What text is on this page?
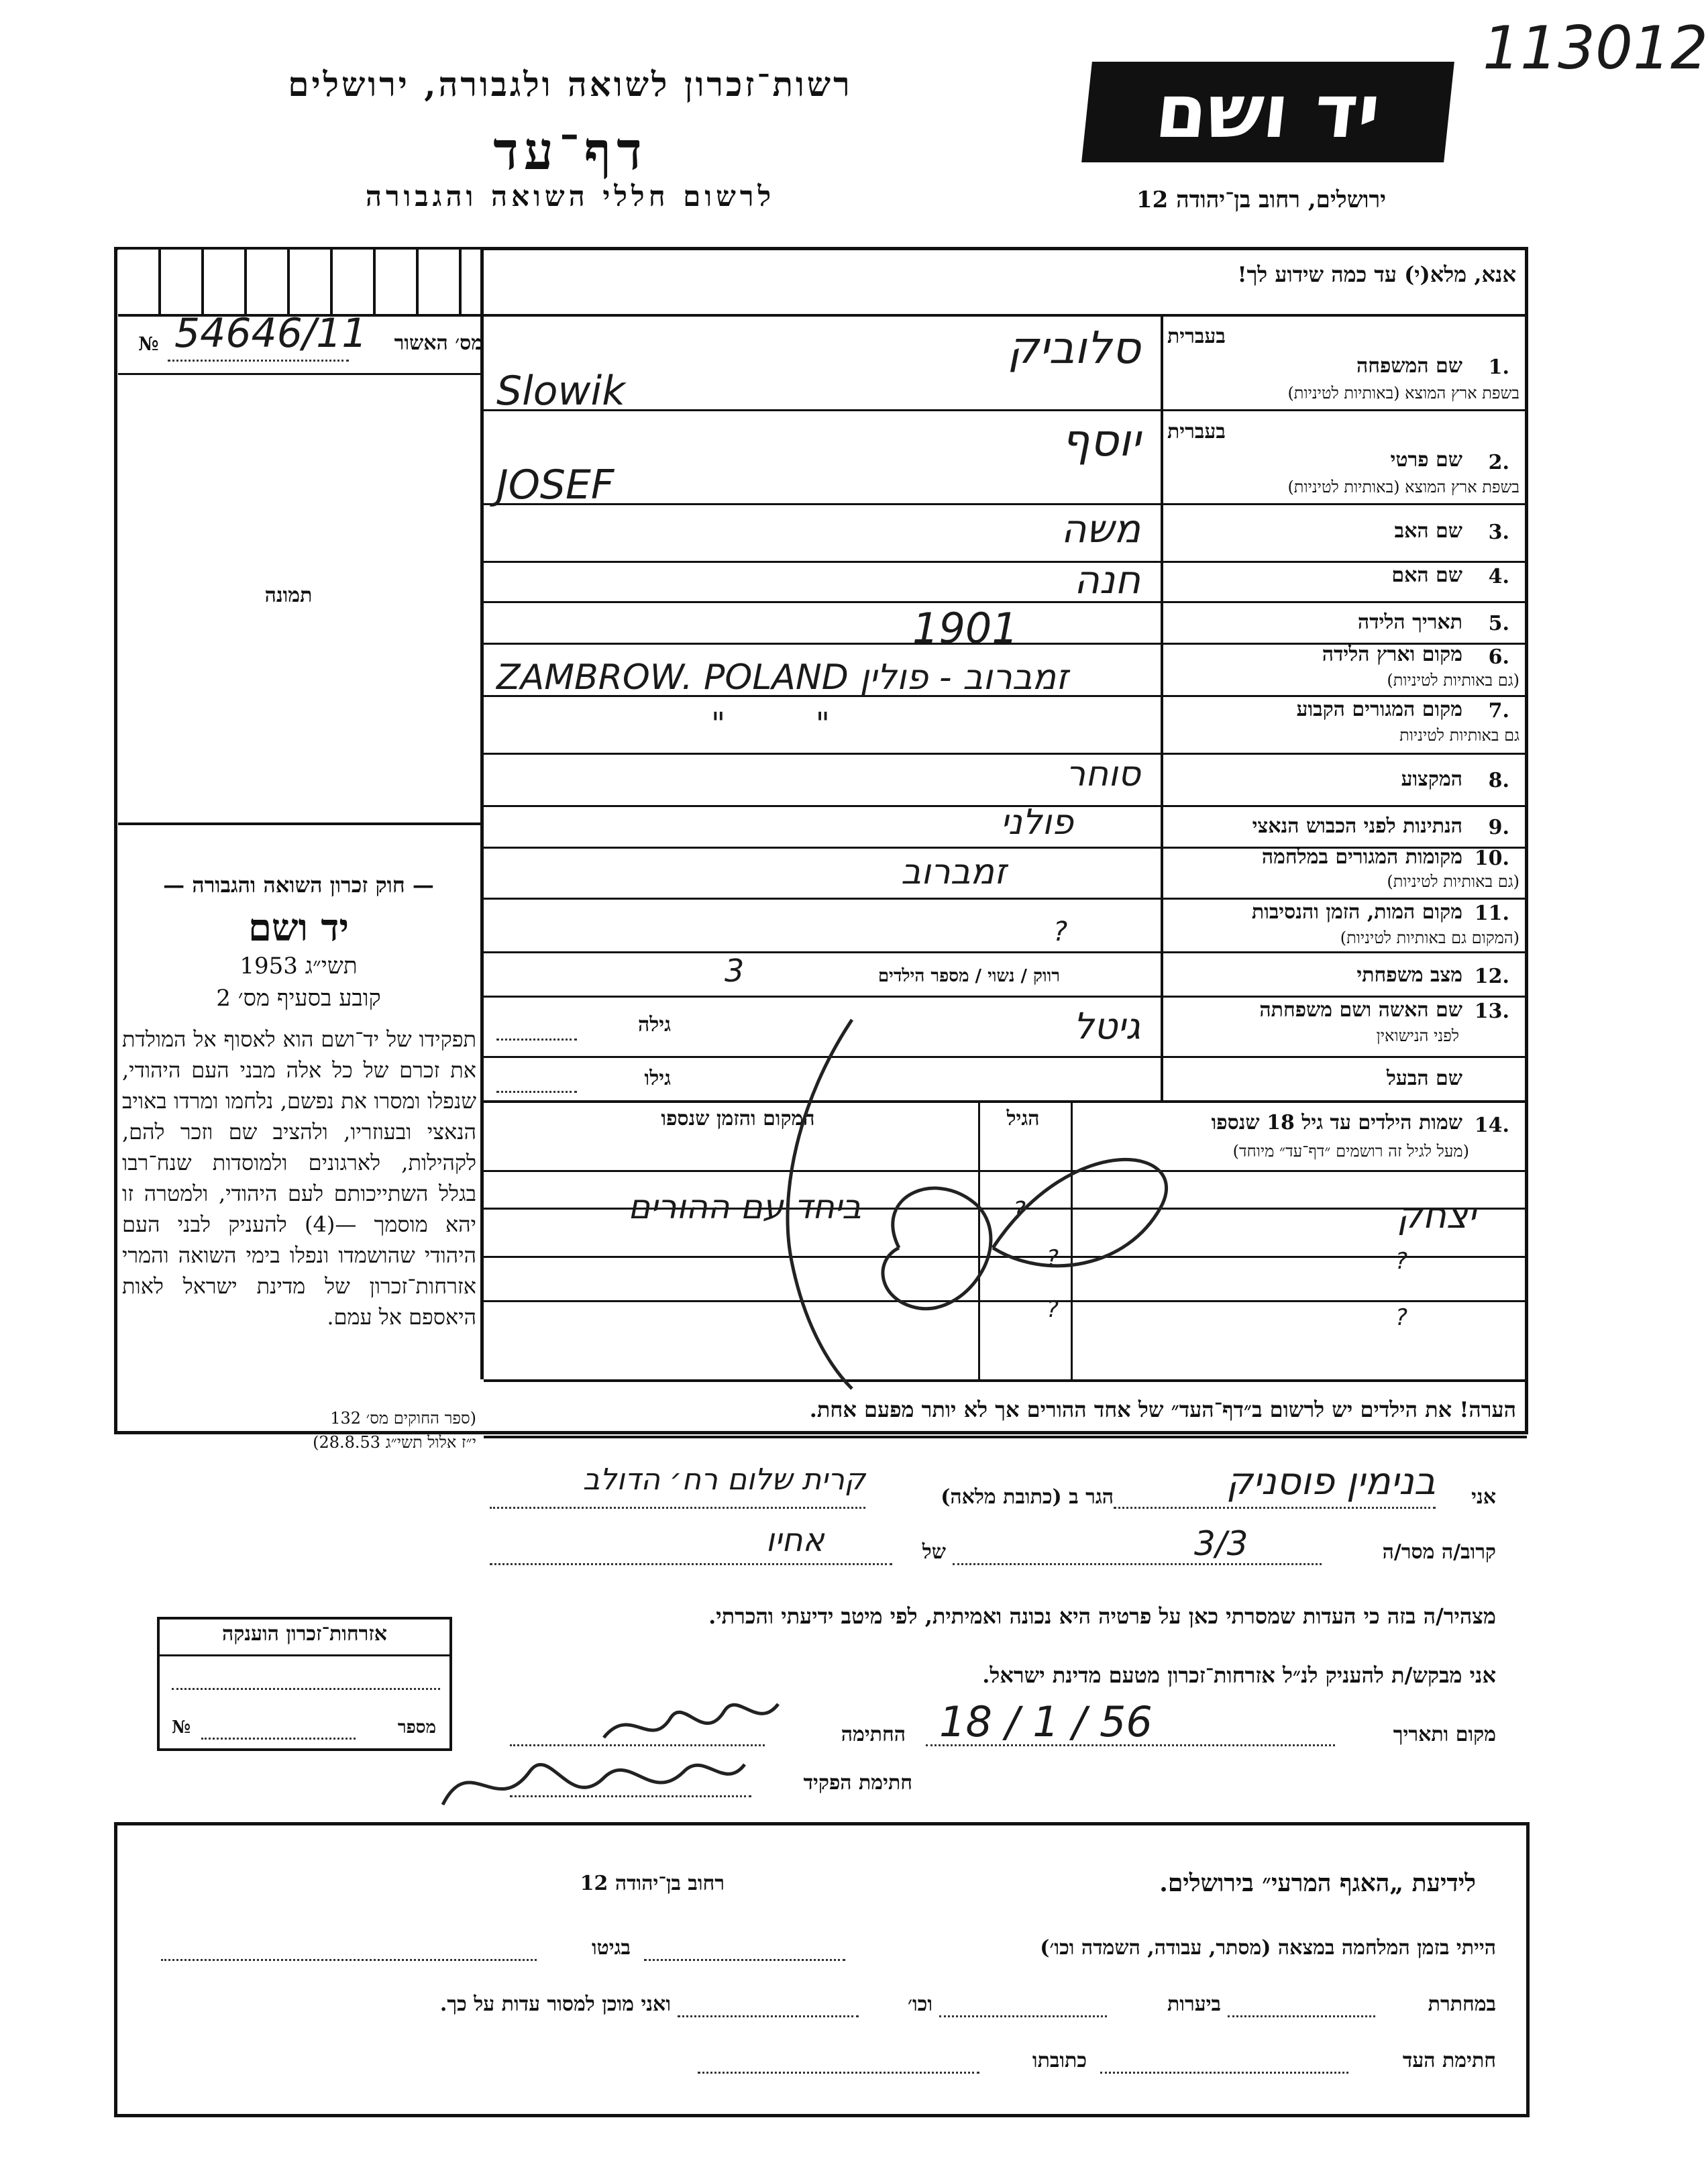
113012
רשות־זכרון לשואה ולגבורה, ירושלים
דף־עד
לרשום חללי השואה והגבורה
יד ושם
ירושלים, רחוב בן־יהודה 12
אנא, מלא(י) עד כמה שידוע לך!
מס׳ האשור
54646/11
№
תמונה
— חוק זכרון השואה והגבורה —
יד ושם
תשי״ג 1953
קובע בסעיף מס׳ 2
תפקידו של יד־ושם הוא לאסוף אל המולדת את זכרם של כל אלה מבני העם היהודי, שנפלו ומסרו את נפשם, נלחמו ומרדו באויב הנאצי ובעוזריו, ולהציב שם וזכר להם, לקהילות, לארגונים ולמוסדות שנח־רבו בגלל השתייכותם לעם היהודי, ולמטרה זו יהא מוסמך —(4) להעניק לבני העם היהודי שהושמדו ונפלו בימי השואה והמרי אזרחות־זכרון של מדינת ישראל לאות היאספם אל עמם.
(ספר החוקים מס׳ 132
י״ז אלול תשי״ג 28.8.53)
1.
שם המשפחה
בעברית
בשפת ארץ המוצא (באותיות לטיניות)
סלוביק
Slowik
2.
שם פרטי
בעברית
בשפת ארץ המוצא (באותיות לטיניות)
יוסף
JOSEF
3.
שם האב
משה
4.
שם האם
חנה
5.
תאריך הלידה
1901
6.
מקום וארץ הלידה
(גם באותיות לטיניות)
ZAMBROW. POLAND זמברוב - פולין
7.
מקום המגורים הקבוע
גם באותיות לטיניות
" "
8.
המקצוע
סוחר
9.
הנתינות לפני הכבוש הנאצי
פולני
10.
מקומות המגורים במלחמה
(גם באותיות לטיניות)
זמברוב
11.
מקום המות, הזמן והנסיבות
(המקום גם באותיות לטיניות)
?
12.
מצב משפחתי
רווק / נשוי / מספר הילדים
3
13.
שם האשה ושם משפחתה
לפני הנישואין
גיטל
גילה
שם הבעל
גילו
14.
שמות הילדים עד גיל 18 שנספו
(מעל לגיל זה רושמים ״דף־עד״ מיוחד)
הגיל
המקום והזמן שנספו
יצחק
?
ביחד עם ההורים
?
?
?
?
הערה! את הילדים יש לרשום ב״דף־העד״ של אחד ההורים אך לא יותר מפעם אחת.
אני
בנימין פוסניק
הגר ב (כתובת מלאה)
קרית שלום רח׳ הדולב
קרוב/ה מסר/ה
3/3
של
אחיו
מצהיר/ה בזה כי העדות שמסרתי כאן על פרטיה היא נכונה ואמיתית, לפי מיטב ידיעתי והכרתי.
אני מבקש/ת להעניק לנ״ל אזרחות־זכרון מטעם מדינת ישראל.
מקום ותאריך
18 / 1 / 56
החתימה
חתימת הפקיד
אזרחות־זכרון הוענקה
מספר
№
לידיעת „האגף המרעי״ בירושלים.
רחוב בן־יהודה 12
הייתי בזמן המלחמה במצאה (מסתר, עבודה, השמדה וכו׳)
בגיטו
במחתרת
ביערות
וכו׳
ואני מוכן למסור עדות על כך.
חתימת העד
כתובתו
